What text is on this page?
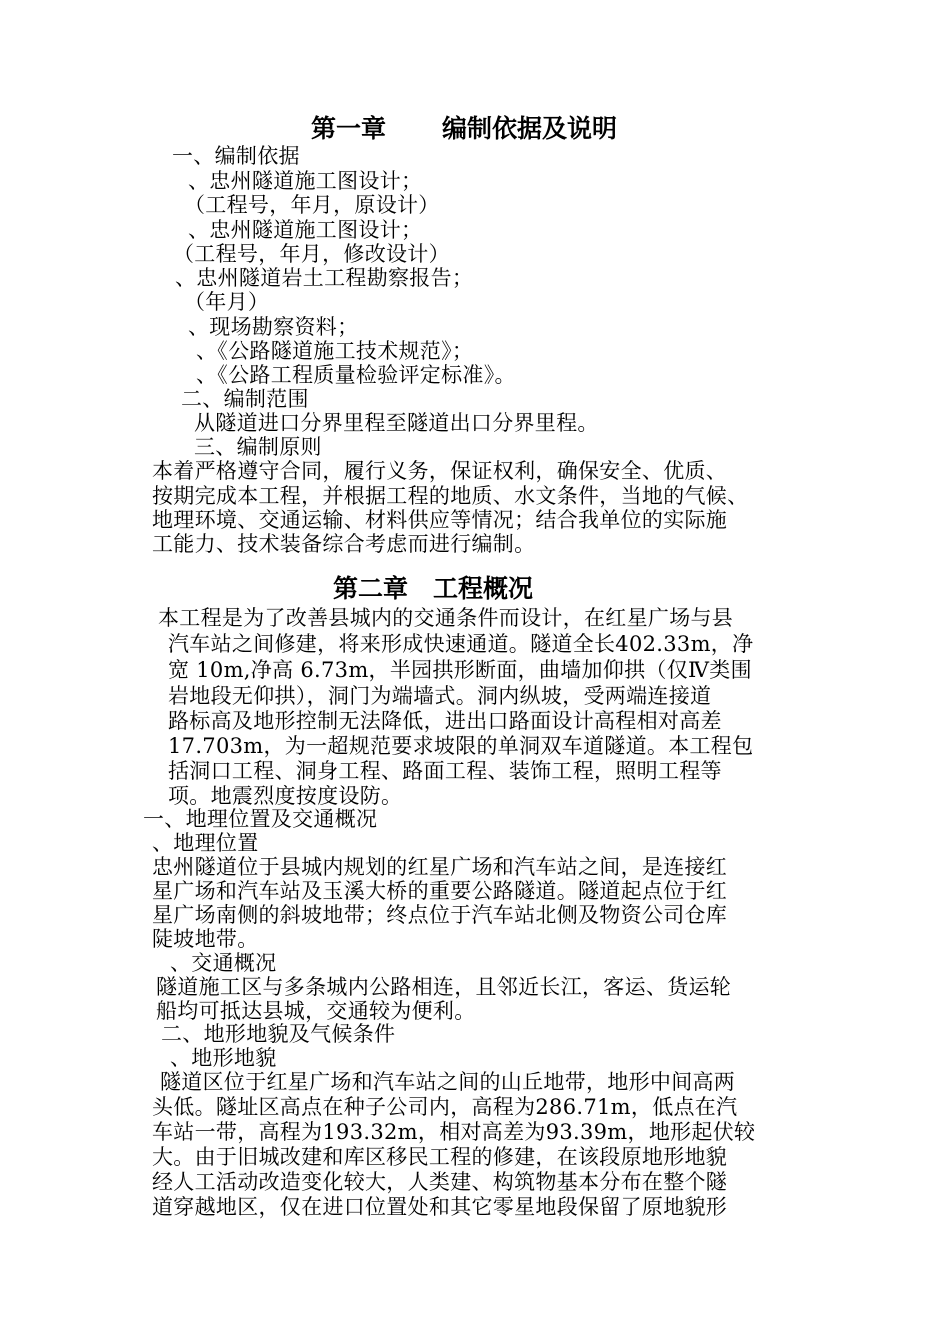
第一章 编制依据及说明
一、编制依据
、忠州隧道施工图设计；
（工程号，年月，原设计）
、忠州隧道施工图设计；
（工程号，年月，修改设计）
、忠州隧道岩土工程勘察报告；
（年月）
、现场勘察资料；
、《公路隧道施工技术规范》；
、《公路工程质量检验评定标准》。
二、编制范围
从隧道进口分界里程至隧道出口分界里程。
三、编制原则
本着严格遵守合同，履行义务，保证权利，确保安全、优质、
按期完成本工程，并根据工程的地质、水文条件，当地的气候、
地理环境、交通运输、材料供应等情况；结合我单位的实际施
工能力、技术装备综合考虑而进行编制。
第二章　工程概况
本工程是为了改善县城内的交通条件而设计，在红星广场与县
汽车站之间修建，将来形成快速通道。隧道全长402.33m，净
宽 10m,净高 6.73m，半园拱形断面，曲墙加仰拱（仅Ⅳ类围
岩地段无仰拱），洞门为端墙式。洞内纵坡，受两端连接道
路标高及地形控制无法降低，进出口路面设计高程相对高差
17.703m，为一超规范要求坡限的单洞双车道隧道。本工程包
括洞口工程、洞身工程、路面工程、装饰工程，照明工程等
项。地震烈度按度设防。
一、地理位置及交通概况
、地理位置
忠州隧道位于县城内规划的红星广场和汽车站之间，是连接红
星广场和汽车站及玉溪大桥的重要公路隧道。隧道起点位于红
星广场南侧的斜坡地带；终点位于汽车站北侧及物资公司仓库
陡坡地带。
、交通概况
隧道施工区与多条城内公路相连，且邻近长江，客运、货运轮
船均可抵达县城，交通较为便利。
二、地形地貌及气候条件
、地形地貌
隧道区位于红星广场和汽车站之间的山丘地带，地形中间高两
头低。隧址区高点在种子公司内，高程为286.71m，低点在汽
车站一带，高程为193.32m，相对高差为93.39m，地形起伏较
大。由于旧城改建和库区移民工程的修建，在该段原地形地貌
经人工活动改造变化较大，人类建、构筑物基本分布在整个隧
道穿越地区，仅在进口位置处和其它零星地段保留了原地貌形
